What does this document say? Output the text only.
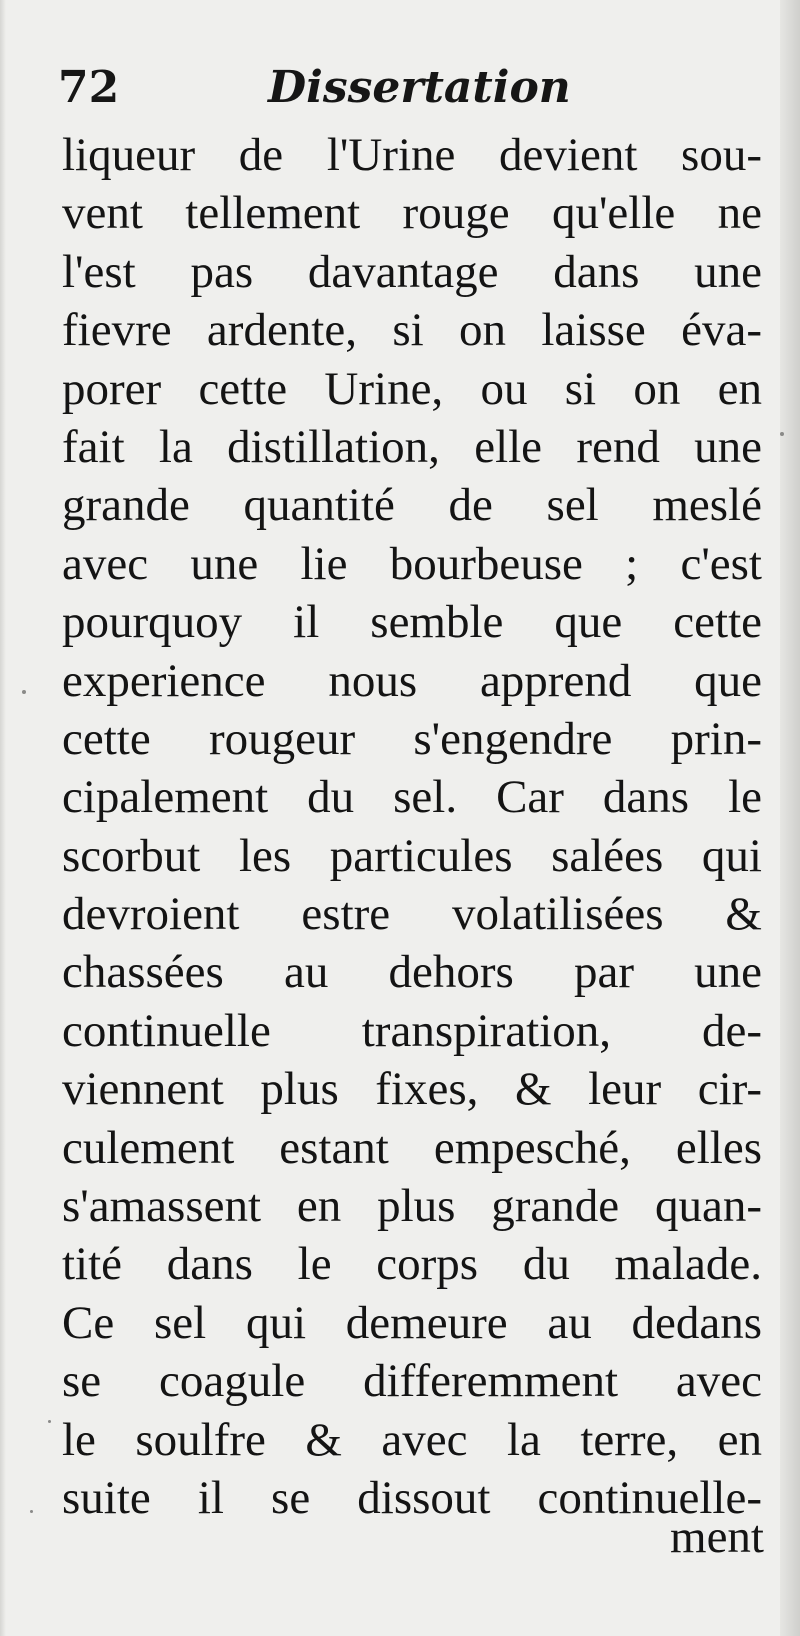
72	Dissertation
liqueur de l'Urine devient sou-
vent tellement rouge qu'elle ne
l'est pas davantage dans une
fievre ardente, si on laisse éva-
porer cette Urine, ou si on en
fait la distillation, elle rend une
grande quantité de sel meslé
avec une lie bourbeuse ; c'est
pourquoy il semble que cette
experience nous apprend que
cette rougeur s'engendre prin-
cipalement du sel. Car dans le
scorbut les particules salées qui
devroient estre volatilisées &
chassées au dehors par une
continuelle transpiration, de-
viennent plus fixes, & leur cir-
culement estant empesché, elles
s'amassent en plus grande quan-
tité dans le corps du malade.
Ce sel qui demeure au dedans
se coagule differemment avec
le soulfre & avec la terre, en
suite il se dissout continuelle-
ment
